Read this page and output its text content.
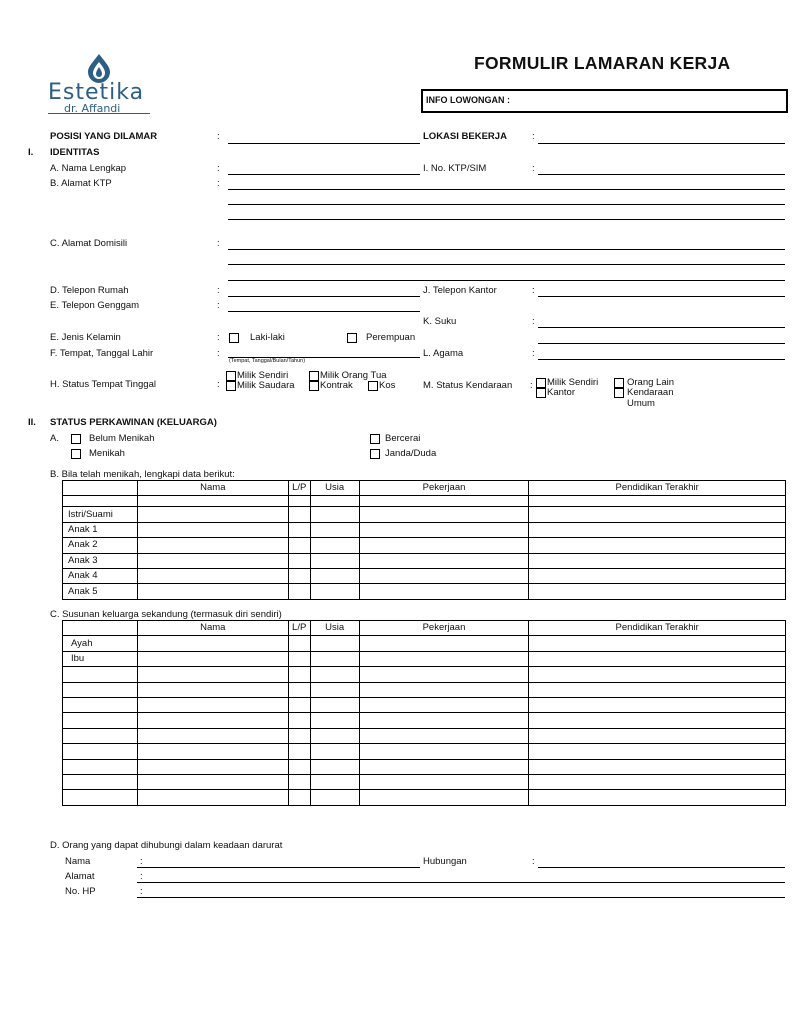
Estetika
dr. Affandi
FORMULIR LAMARAN KERJA
INFO LOWONGAN :
POSISI YANG DILAMAR	:	LOKASI BEKERJA	:
I. IDENTITAS
A. Nama Lengkap	:	I. No. KTP/SIM	:
B. Alamat KTP	:
C. Alamat Domisili	:
D. Telepon Rumah	:	J. Telepon Kantor	:
E. Telepon Genggam	:
K. Suku	:
E. Jenis Kelamin	:	Laki-laki	Perempuan
F. Tempat, Tanggal Lahir	:
(Tempat, Tanggal/Bulan/Tahun)
L. Agama	:
Milik Sendiri	Milik Orang Tua
H. Status Tempat Tinggal	: Milik Saudara	Kontrak	Kos	M. Status Kendaraan : Milik Sendiri
Kantor
Orang Lain
Kendaraan
Umum
II. STATUS PERKAWINAN (KELUARGA)
A.	Belum Menikah	Bercerai
Menikah	Janda/Duda
B. Bila telah menikah, lengkapi data berikut:
	Nama	L/P	Usia	Pekerjaan	Pendidikan Terakhir

Istri/Suami					
Anak 1					
Anak 2					
Anak 3					
Anak 4					
Anak 5					
C. Susunan keluarga sekandung (termasuk diri sendiri)
	Nama	L/P	Usia	Pekerjaan	Pendidikan Terakhir
Ayah					
Ibu					

D. Orang yang dapat dihubungi dalam keadaan darurat
Nama	:	Hubungan	:
Alamat	:
No. HP	:
